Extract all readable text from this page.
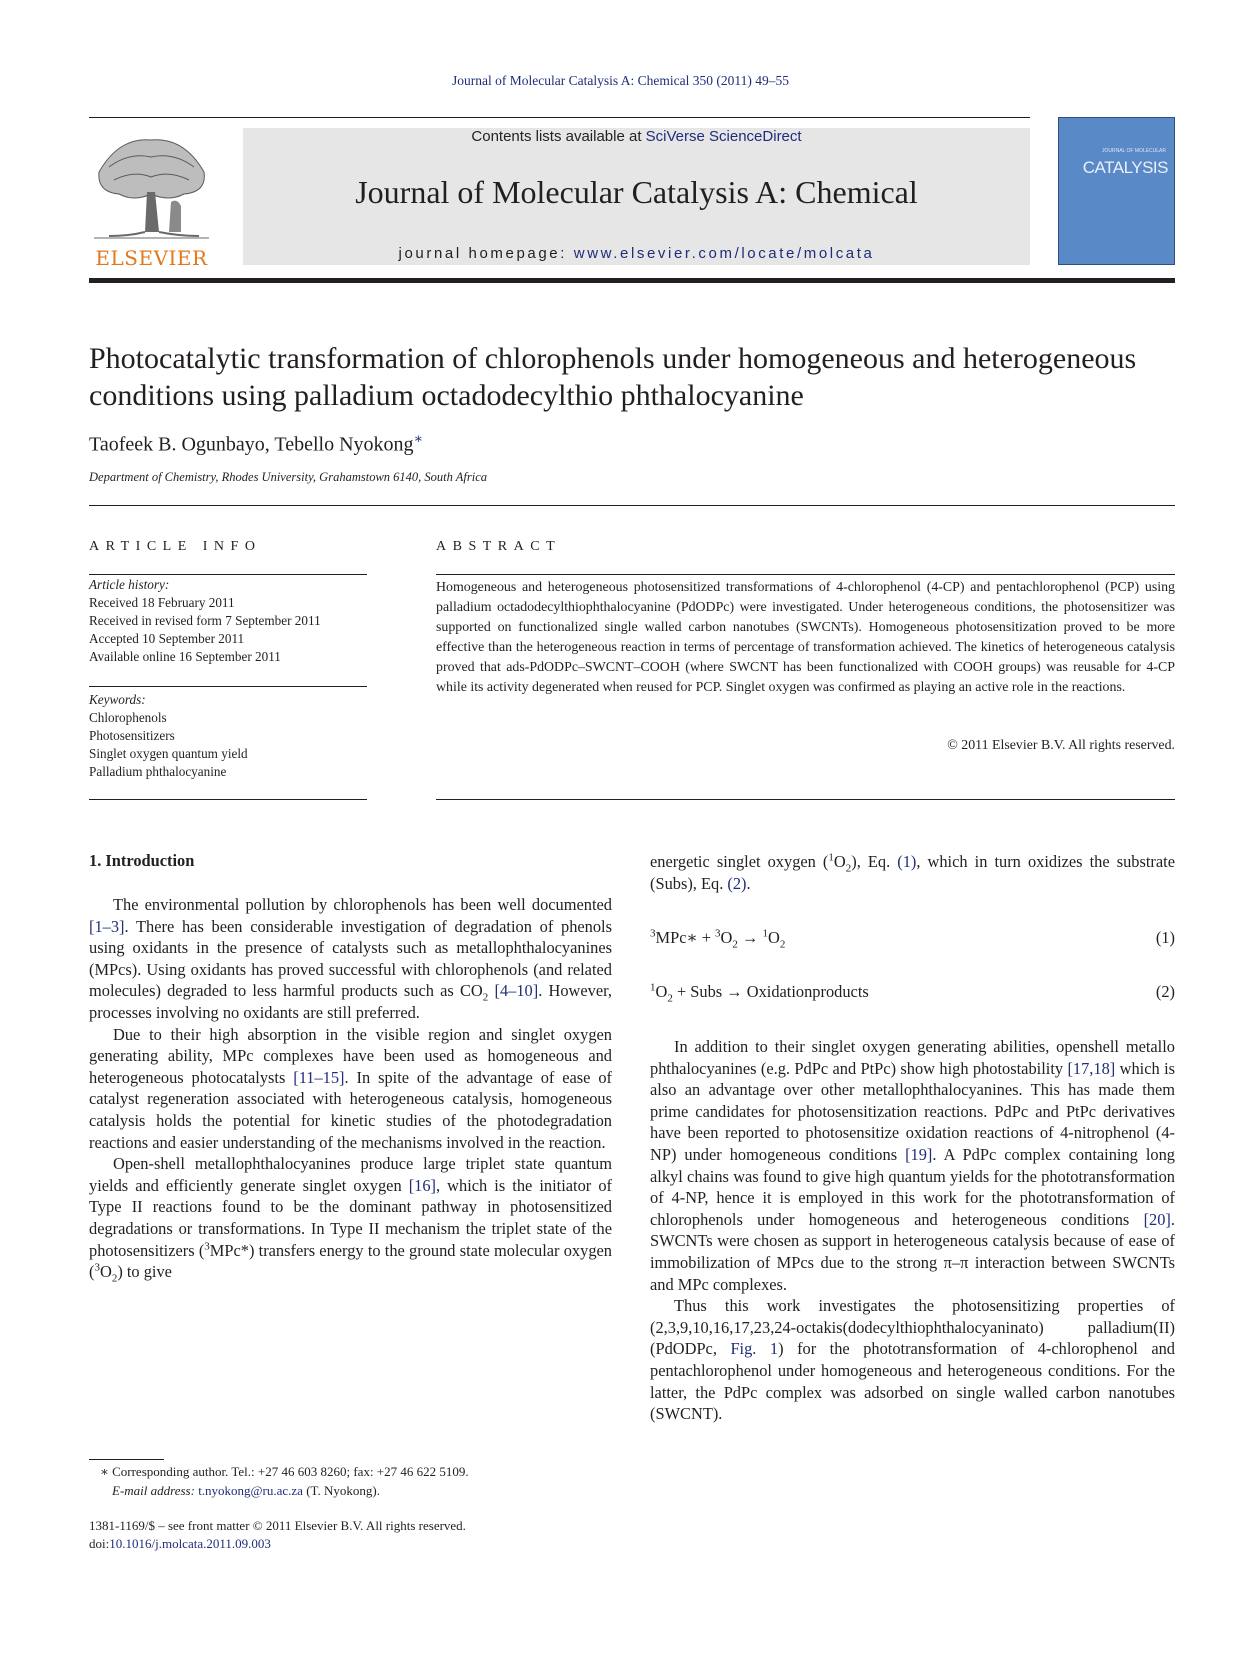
Journal of Molecular Catalysis A: Chemical 350 (2011) 49–55
ELSEVIER
Contents lists available at SciVerse ScienceDirect
Journal of Molecular Catalysis A: Chemical
journal homepage: www.elsevier.com/locate/molcata
JOURNAL OF MOLECULAR
CATALYSIS
Photocatalytic transformation of chlorophenols under homogeneous and heterogeneous conditions using palladium octadodecylthio phthalocyanine
Taofeek B. Ogunbayo, Tebello Nyokong∗
Department of Chemistry, Rhodes University, Grahamstown 6140, South Africa
ARTICLE INFO	ABSTRACT
Article history:
Received 18 February 2011
Received in revised form 7 September 2011
Accepted 10 September 2011
Available online 16 September 2011
Keywords:
Chlorophenols
Photosensitizers
Singlet oxygen quantum yield
Palladium phthalocyanine
Homogeneous and heterogeneous photosensitized transformations of 4-chlorophenol (4-CP) and pentachlorophenol (PCP) using palladium octadodecylthiophthalocyanine (PdODPc) were investigated. Under heterogeneous conditions, the photosensitizer was supported on functionalized single walled carbon nanotubes (SWCNTs). Homogeneous photosensitization proved to be more effective than the heterogeneous reaction in terms of percentage of transformation achieved. The kinetics of heterogeneous catalysis proved that ads-PdODPc–SWCNT–COOH (where SWCNT has been functionalized with COOH groups) was reusable for 4-CP while its activity degenerated when reused for PCP. Singlet oxygen was confirmed as playing an active role in the reactions.
© 2011 Elsevier B.V. All rights reserved.
1. Introduction

The environmental pollution by chlorophenols has been well documented [1–3]. There has been considerable investigation of degradation of phenols using oxidants in the presence of catalysts such as metallophthalocyanines (MPcs). Using oxidants has proved successful with chlorophenols (and related molecules) degraded to less harmful products such as $CO_2$ [4–10]. However, processes involving no oxidants are still preferred.

Due to their high absorption in the visible region and singlet oxygen generating ability, MPc complexes have been used as homogeneous and heterogeneous photocatalysts [11–15]. In spite of the advantage of ease of catalyst regeneration associated with heterogeneous catalysis, homogeneous catalysis holds the potential for kinetic studies of the photodegradation reactions and easier understanding of the mechanisms involved in the reaction.

Open-shell metallophthalocyanines produce large triplet state quantum yields and efficiently generate singlet oxygen [16], which is the initiator of Type II reactions found to be the dominant pathway in photosensitized degradations or transformations. In Type II mechanism the triplet state of the photosensitizers ($^3$MPc*) transfers energy to the ground state molecular oxygen $(^3O_2)$ to give

energetic singlet oxygen $(^1O_2)$, Eq. (1), which in turn oxidizes the substrate (Subs), Eq. (2).

$^3$MPc∗ + $^3O_2 \to ^1O_2$	(1)
$^1O_2$ + Subs → Oxidationproducts	(2)

In addition to their singlet oxygen generating abilities, openshell metallo phthalocyanines (e.g. PdPc and PtPc) show high photostability [17,18] which is also an advantage over other metallophthalocyanines. This has made them prime candidates for photosensitization reactions. PdPc and PtPc derivatives have been reported to photosensitize oxidation reactions of 4-nitrophenol (4-NP) under homogeneous conditions [19]. A PdPc complex containing long alkyl chains was found to give high quantum yields for the phototransformation of 4-NP, hence it is employed in this work for the phototransformation of chlorophenols under homogeneous and heterogeneous conditions [20]. SWCNTs were chosen as support in heterogeneous catalysis because of ease of immobilization of MPcs due to the strong π–π interaction between SWCNTs and MPc complexes.

Thus this work investigates the photosensitizing properties of (2,3,9,10,16,17,23,24-octakis(dodecylthiophthalocyaninato) palladium(II) (PdODPc, Fig. 1) for the phototransformation of 4-chlorophenol and pentachlorophenol under homogeneous and heterogeneous conditions. For the latter, the PdPc complex was adsorbed on single walled carbon nanotubes (SWCNT).

∗ Corresponding author. Tel.: +27 46 603 8260; fax: +27 46 622 5109.
E-mail address: t.nyokong@ru.ac.za (T. Nyokong).
1381-1169/$ – see front matter © 2011 Elsevier B.V. All rights reserved.
doi:10.1016/j.molcata.2011.09.003
